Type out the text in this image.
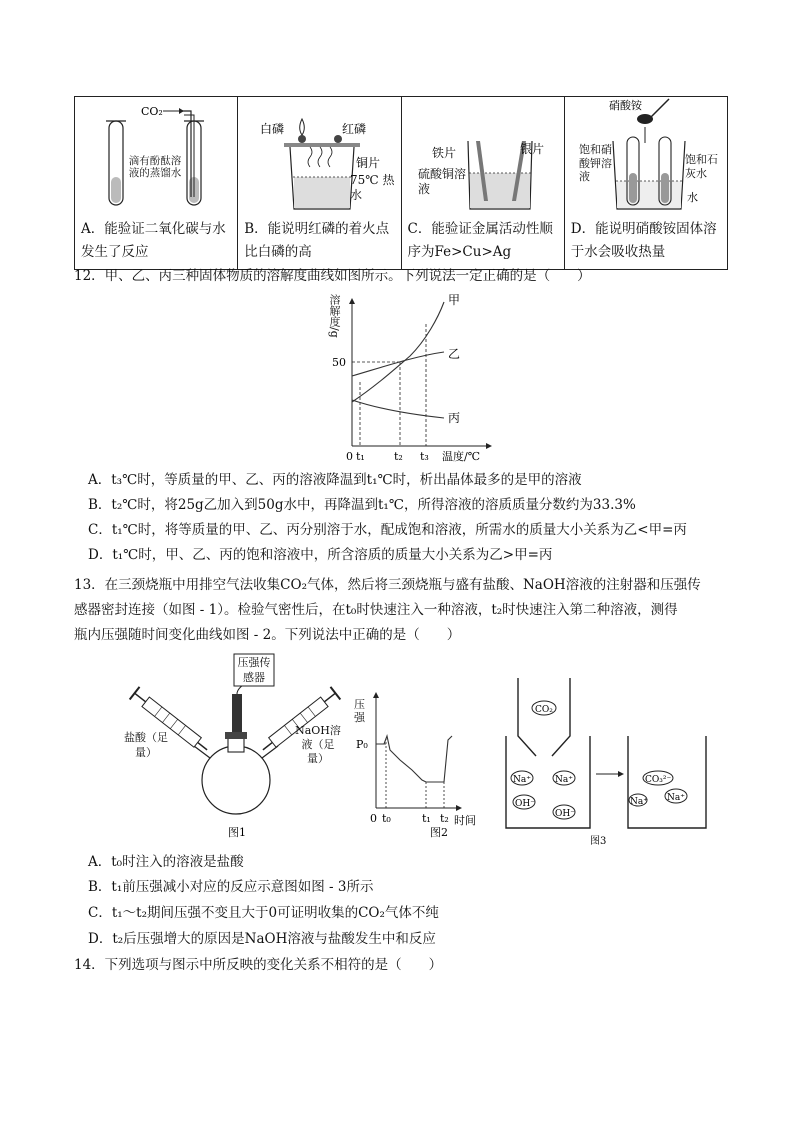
CO₂
滴有酚酞溶液的蒸馏水
A．能验证二氧化碳与水发生了反应

白磷	红磷
铜片
75℃ 热水
B．能说明红磷的着火点比白磷的高

铁片	银片
硫酸铜溶液
C．能验证金属活动性顺序为Fe>Cu>Ag

硝酸铵
饱和硝酸钾溶液
饱和石灰水
水
D．能说明硝酸铵固体溶于水会吸收热量
12．甲、乙、丙三种固体物质的溶解度曲线如图所示。下列说法一定正确的是（　　）
溶解度/g
50
甲
乙
丙
0 t₁	t₂ t₃ 温度/℃
A．t₃℃时，等质量的甲、乙、丙的溶液降温到t₁℃时，析出晶体最多的是甲的溶液
B．t₂℃时，将25g乙加入到50g水中，再降温到t₁℃，所得溶液的溶质质量分数约为33.3%
C．t₁℃时，将等质量的甲、乙、丙分别溶于水，配成饱和溶液，所需水的质量大小关系为乙<甲=丙
D．t₁℃时，甲、乙、丙的饱和溶液中，所含溶质的质量大小关系为乙>甲=丙
13．在三颈烧瓶中用排空气法收集CO₂气体，然后将三颈烧瓶与盛有盐酸、NaOH溶液的注射器和压强传
感器密封连接（如图 - 1）。检验气密性后，在t₀时快速注入一种溶液，t₂时快速注入第二种溶液，测得
瓶内压强随时间变化曲线如图 - 2。下列说法中正确的是（　　）
压强传感器
盐酸（足量）
NaOH溶液（足量）
图1
压强
P₀
0 t₀	t₁ t₂ 时间
图2
CO₂
Na⁺	Na⁺
OH⁻
OH⁻
CO₃²⁻
Na⁺ Na⁺
图3
A．t₀时注入的溶液是盐酸
B．t₁前压强减小对应的反应示意图如图 - 3所示
C．t₁～t₂期间压强不变且大于0可证明收集的CO₂气体不纯
D．t₂后压强增大的原因是NaOH溶液与盐酸发生中和反应
14．下列选项与图示中所反映的变化关系不相符的是（　　）
